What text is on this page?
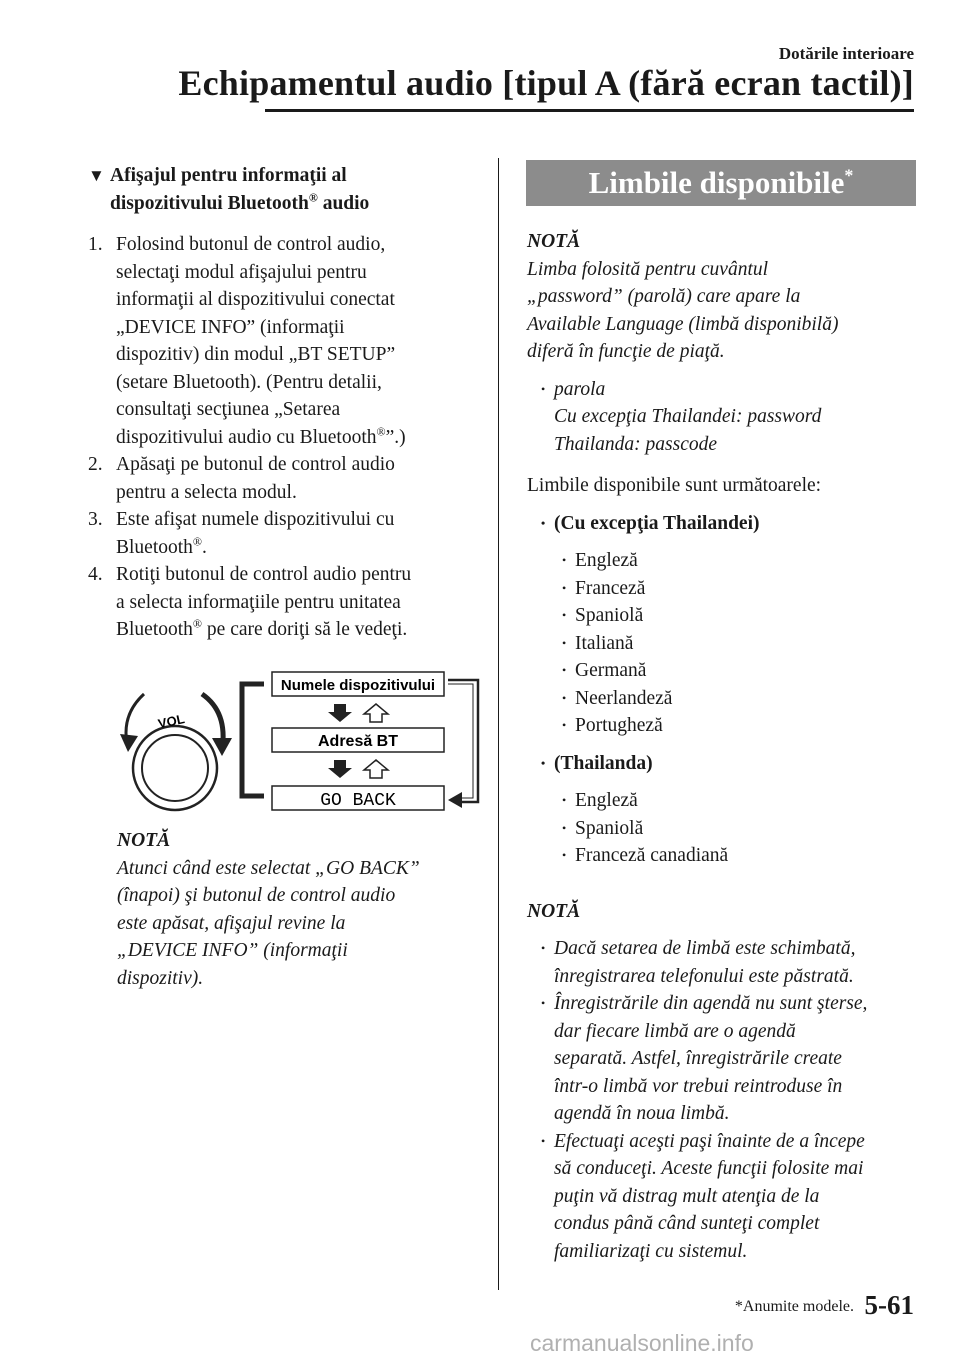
Dotările interioare
Echipamentul audio [tipul A (fără ecran tactil)]
▼ Afişajul pentru informaţii al
dispozitivului Bluetooth® audio
1. Folosind butonul de control audio,
selectaţi modul afişajului pentru
informaţii al dispozitivului conectat
„DEVICE INFO” (informaţii
dispozitiv) din modul „BT SETUP”
(setare Bluetooth). (Pentru detalii,
consultaţi secţiunea „Setarea
dispozitivului audio cu Bluetooth®”.)
2. Apăsaţi pe butonul de control audio
pentru a selecta modul.
3. Este afişat numele dispozitivului cu
Bluetooth®.
4. Rotiţi butonul de control audio pentru
a selecta informaţiile pentru unitatea
Bluetooth® pe care doriţi să le vedeţi.
VOL
Numele dispozitivului
Adresă BT
GO BACK
NOTĂ
Atunci când este selectat „GO BACK”
(înapoi) şi butonul de control audio
este apăsat, afişajul revine la
„DEVICE INFO” (informaţii
dispozitiv).
Limbile disponibile*
NOTĂ
Limba folosită pentru cuvântul
„password” (parolă) care apare la
Available Language (limbă disponibilă)
diferă în funcţie de piaţă.
• parola
Cu excepţia Thailandei: password
Thailanda: passcode
Limbile disponibile sunt următoarele:
• (Cu excepţia Thailandei)
• Engleză
• Franceză
• Spaniolă
• Italiană
• Germană
• Neerlandeză
• Portugheză
• (Thailanda)
• Engleză
• Spaniolă
• Franceză canadiană
NOTĂ
• Dacă setarea de limbă este schimbată,
înregistrarea telefonului este păstrată.
• Înregistrările din agendă nu sunt şterse,
dar fiecare limbă are o agendă
separată. Astfel, înregistrările create
într-o limbă vor trebui reintroduse în
agendă în noua limbă.
• Efectuaţi aceşti paşi înainte de a începe
să conduceţi. Aceste funcţii folosite mai
puţin vă distrag mult atenţia de la
condus până când sunteţi complet
familiarizaţi cu sistemul.
*Anumite modele. 5-61
carmanualsonline.info
